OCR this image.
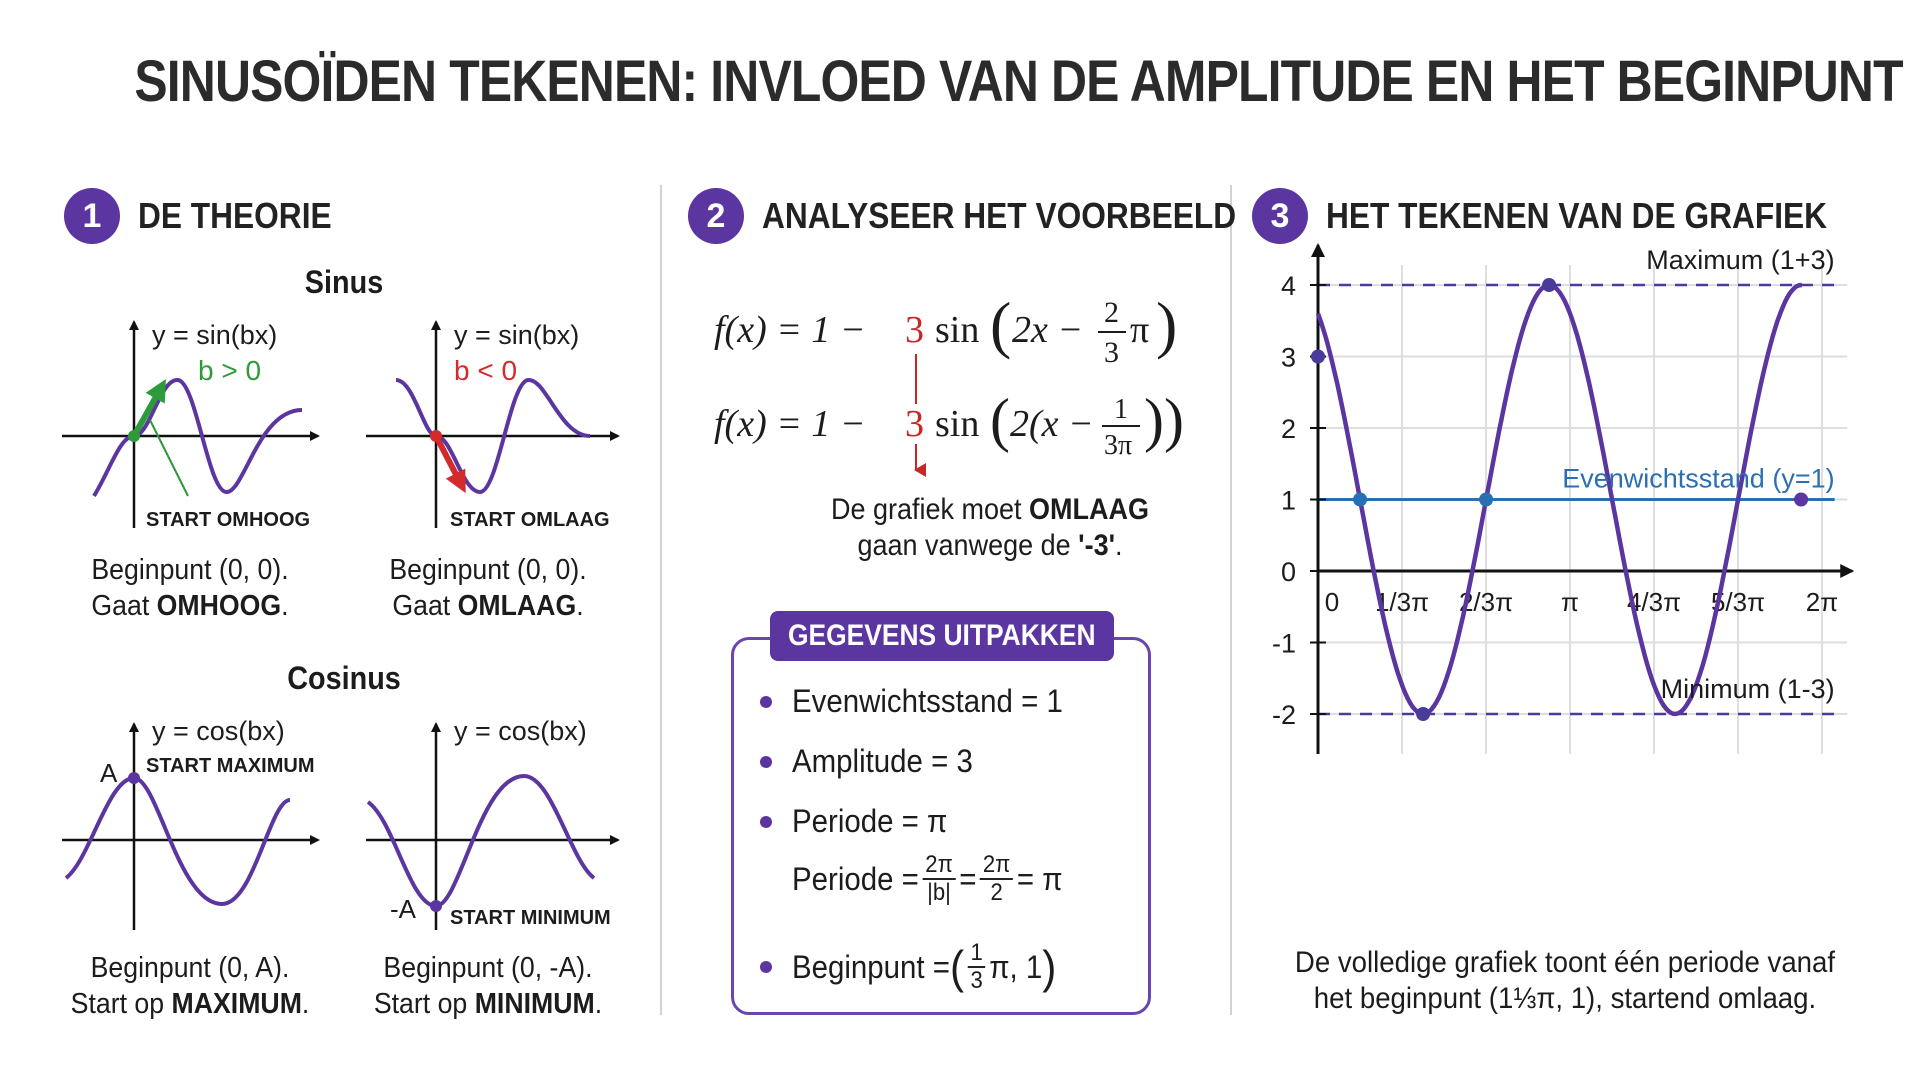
SINUSOÏDEN TEKENEN: INVLOED VAN DE AMPLITUDE EN HET BEGINPUNT
1	DE THEORIE	2	ANALYSEER HET VOORBEELD	3	HET TEKENEN VAN DE GRAFIEK
Sinus
Cosinus
y = sin(bx)
b > 0
START OMHOOG
y = sin(bx)
b < 0
START OMLAAG
A
y = cos(bx)
START MAXIMUM
-A
y = cos(bx)
START MINIMUM
Beginpunt (0, 0).
Gaat OMHOOG.
Beginpunt (0, 0).
Gaat OMLAAG.
Beginpunt (0, A).
Start op MAXIMUM.
Beginpunt (0, -A).
Start op MINIMUM.
f(x) = 1 − 3 sin ( 2x − 2
3
π )
f(x) = 1 − 3 sin ( 2(x − 1
3π ))
De grafiek moet OMLAAG
gaan vanwege de '-3'.
GEGEVENS UITPAKKEN
Evenwichtsstand = 1
Amplitude = 3
Periode = π
Periode = $\frac{2\pi}{|b|} = \frac{2\pi}{2} = \pi$
Beginpunt = ( $\frac{1}{3} \pi$, 1 )
4
3
2
1
0
-1
-2
0 1/3π 2/3π π 4/3π 5/3π 2π
Maximum (1+3)
Minimum (1-3)
Evenwichtsstand (y=1)
De volledige grafiek toont één periode vanaf
het beginpunt (1⅓π, 1), startend omlaag.
